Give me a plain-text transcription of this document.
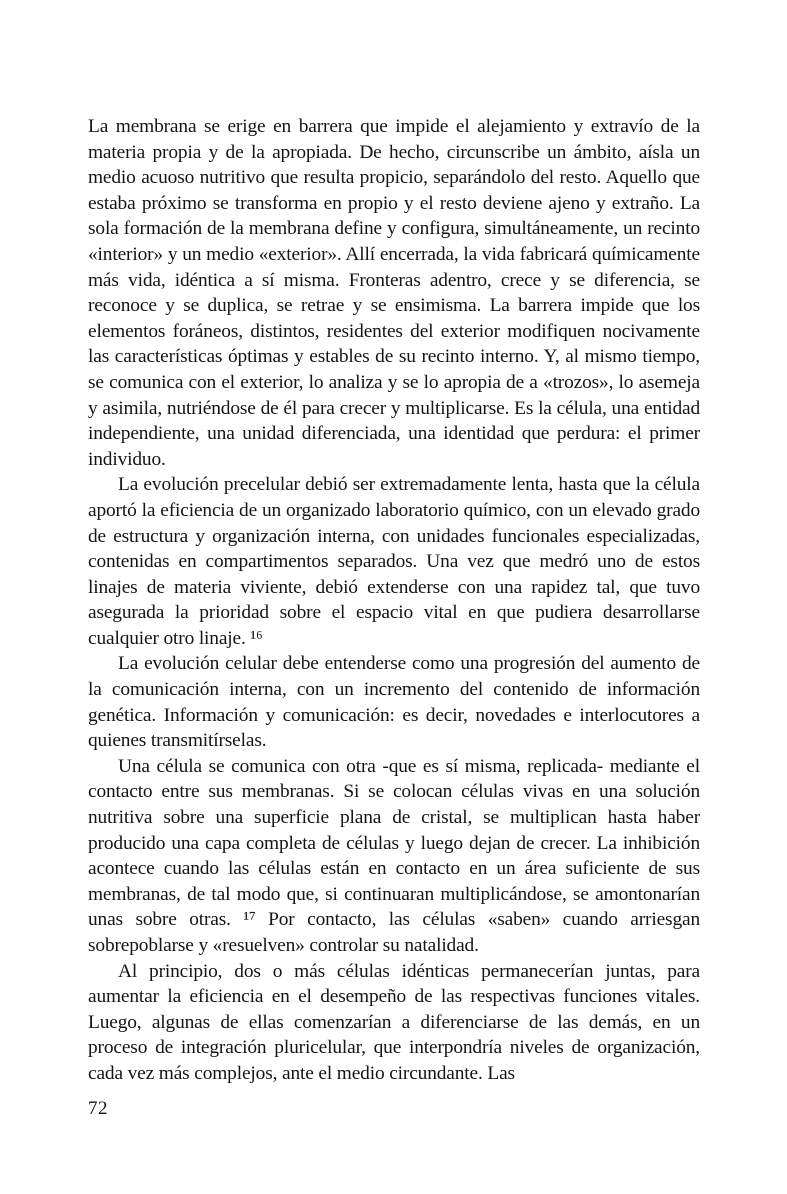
La membrana se erige en barrera que impide el alejamiento y extravío de la materia propia y de la apropiada. De hecho, circunscribe un ámbito, aísla un medio acuoso nutritivo que resulta propicio, separándolo del resto. Aquello que estaba próximo se transforma en propio y el resto deviene ajeno y extraño. La sola formación de la membrana define y configura, simultáneamente, un recinto «interior» y un medio «exterior». Allí encerrada, la vida fabricará químicamente más vida, idéntica a sí misma. Fronteras adentro, crece y se diferencia, se reconoce y se duplica, se retrae y se ensimisma. La barrera impide que los elementos foráneos, distintos, residentes del exterior modifiquen nocivamente las características óptimas y estables de su recinto interno. Y, al mismo tiempo, se comunica con el exterior, lo analiza y se lo apropia de a «trozos», lo asemeja y asimila, nutriéndose de él para crecer y multiplicarse. Es la célula, una entidad independiente, una unidad diferenciada, una identidad que perdura: el primer individuo.

La evolución precelular debió ser extremadamente lenta, hasta que la célula aportó la eficiencia de un organizado laboratorio químico, con un elevado grado de estructura y organización interna, con unidades funcionales especializadas, contenidas en compartimentos separados. Una vez que medró uno de estos linajes de materia viviente, debió extenderse con una rapidez tal, que tuvo asegurada la prioridad sobre el espacio vital en que pudiera desarrollarse cualquier otro linaje. ¹⁶

La evolución celular debe entenderse como una progresión del aumento de la comunicación interna, con un incremento del contenido de información genética. Información y comunicación: es decir, novedades e interlocutores a quienes transmitírselas.

Una célula se comunica con otra -que es sí misma, replicada- mediante el contacto entre sus membranas. Si se colocan células vivas en una solución nutritiva sobre una superficie plana de cristal, se multiplican hasta haber producido una capa completa de células y luego dejan de crecer. La inhibición acontece cuando las células están en contacto en un área suficiente de sus membranas, de tal modo que, si continuaran multiplicándose, se amontonarían unas sobre otras. ¹⁷ Por contacto, las células «saben» cuando arriesgan sobrepoblarse y «resuelven» controlar su natalidad.

Al principio, dos o más células idénticas permanecerían juntas, para aumentar la eficiencia en el desempeño de las respectivas funciones vitales. Luego, algunas de ellas comenzarían a diferenciarse de las demás, en un proceso de integración pluricelular, que interpondría niveles de organización, cada vez más complejos, ante el medio circundante. Las

72
